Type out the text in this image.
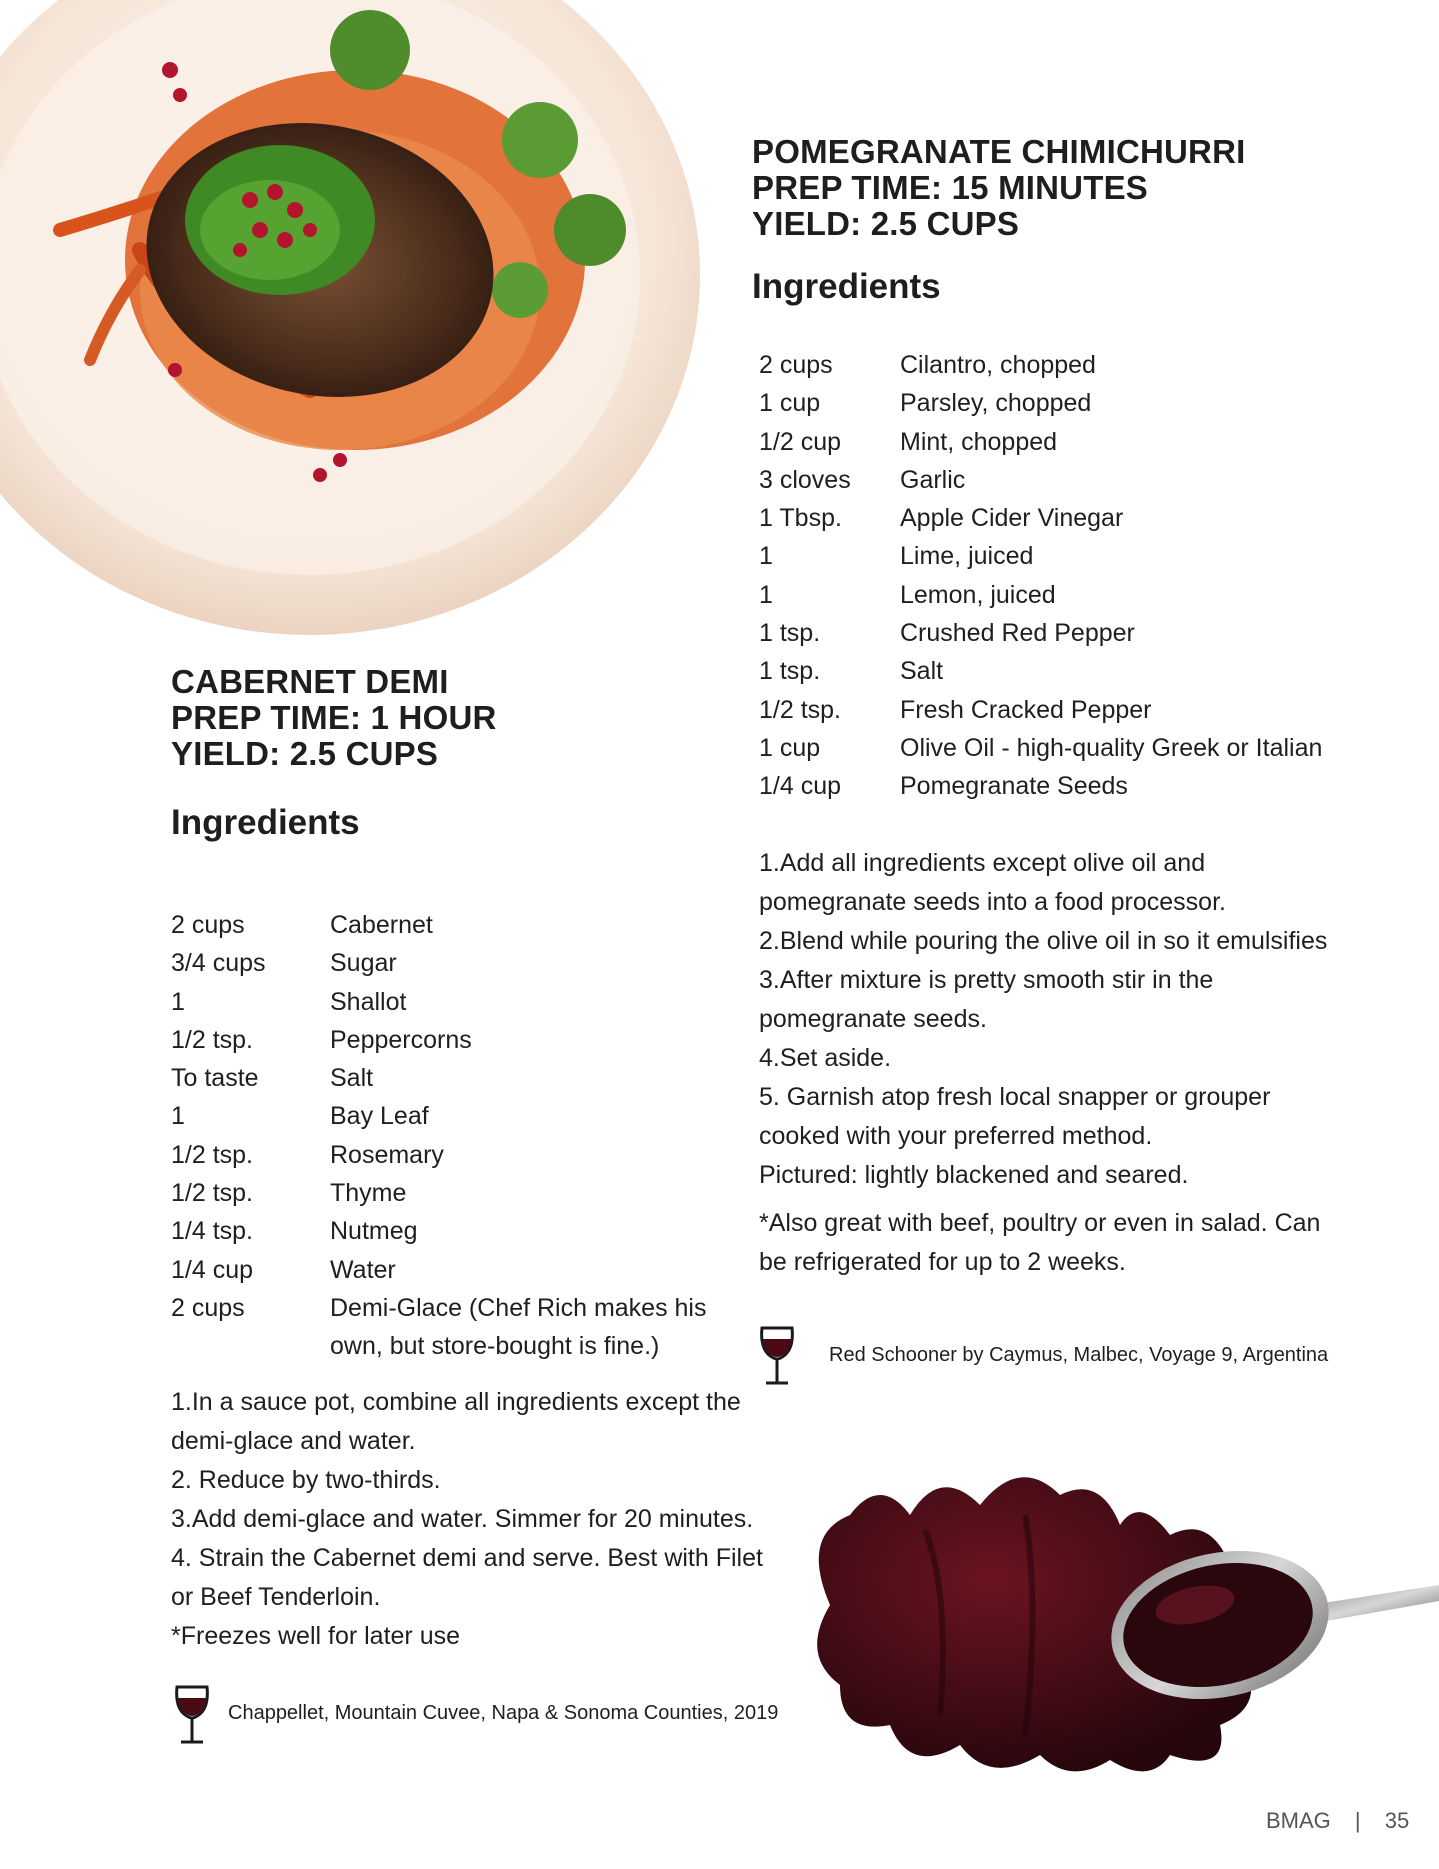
POMEGRANATE CHIMICHURRI
PREP TIME: 15 MINUTES
YIELD: 2.5 CUPS
Ingredients
2 cups	Cilantro, chopped
1 cup	Parsley, chopped
1/2 cup	Mint, chopped
3 cloves	Garlic
1 Tbsp.	Apple Cider Vinegar
1	Lime, juiced
1	Lemon, juiced
1 tsp.	Crushed Red Pepper
1 tsp.	Salt
1/2 tsp.	Fresh Cracked Pepper
1 cup	Olive Oil - high-quality Greek or Italian
1/4 cup	Pomegranate Seeds
1.Add all ingredients except olive oil and
pomegranate seeds into a food processor.
2.Blend while pouring the olive oil in so it emulsifies
3.After mixture is pretty smooth stir in the
pomegranate seeds.
4.Set aside.
5. Garnish atop fresh local snapper or grouper
cooked with your preferred method.
Pictured: lightly blackened and seared.
*Also great with beef, poultry or even in salad. Can
be refrigerated for up to 2 weeks.
Red Schooner by Caymus, Malbec, Voyage 9, Argentina
CABERNET DEMI
PREP TIME: 1 HOUR
YIELD: 2.5 CUPS
Ingredients
2 cups	Cabernet
3/4 cups	Sugar
1	Shallot
1/2 tsp.	Peppercorns
To taste	Salt
1	Bay Leaf
1/2 tsp.	Rosemary
1/2 tsp.	Thyme
1/4 tsp.	Nutmeg
1/4 cup	Water
2 cups	Demi-Glace (Chef Rich makes his
	own, but store-bought is fine.)
1.In a sauce pot, combine all ingredients except the
demi-glace and water.
2. Reduce by two-thirds.
3.Add demi-glace and water. Simmer for 20 minutes.
4. Strain the Cabernet demi and serve. Best with Filet
or Beef Tenderloin.
*Freezes well for later use
Chappellet, Mountain Cuvee, Napa & Sonoma Counties, 2019
BMAG | 35
